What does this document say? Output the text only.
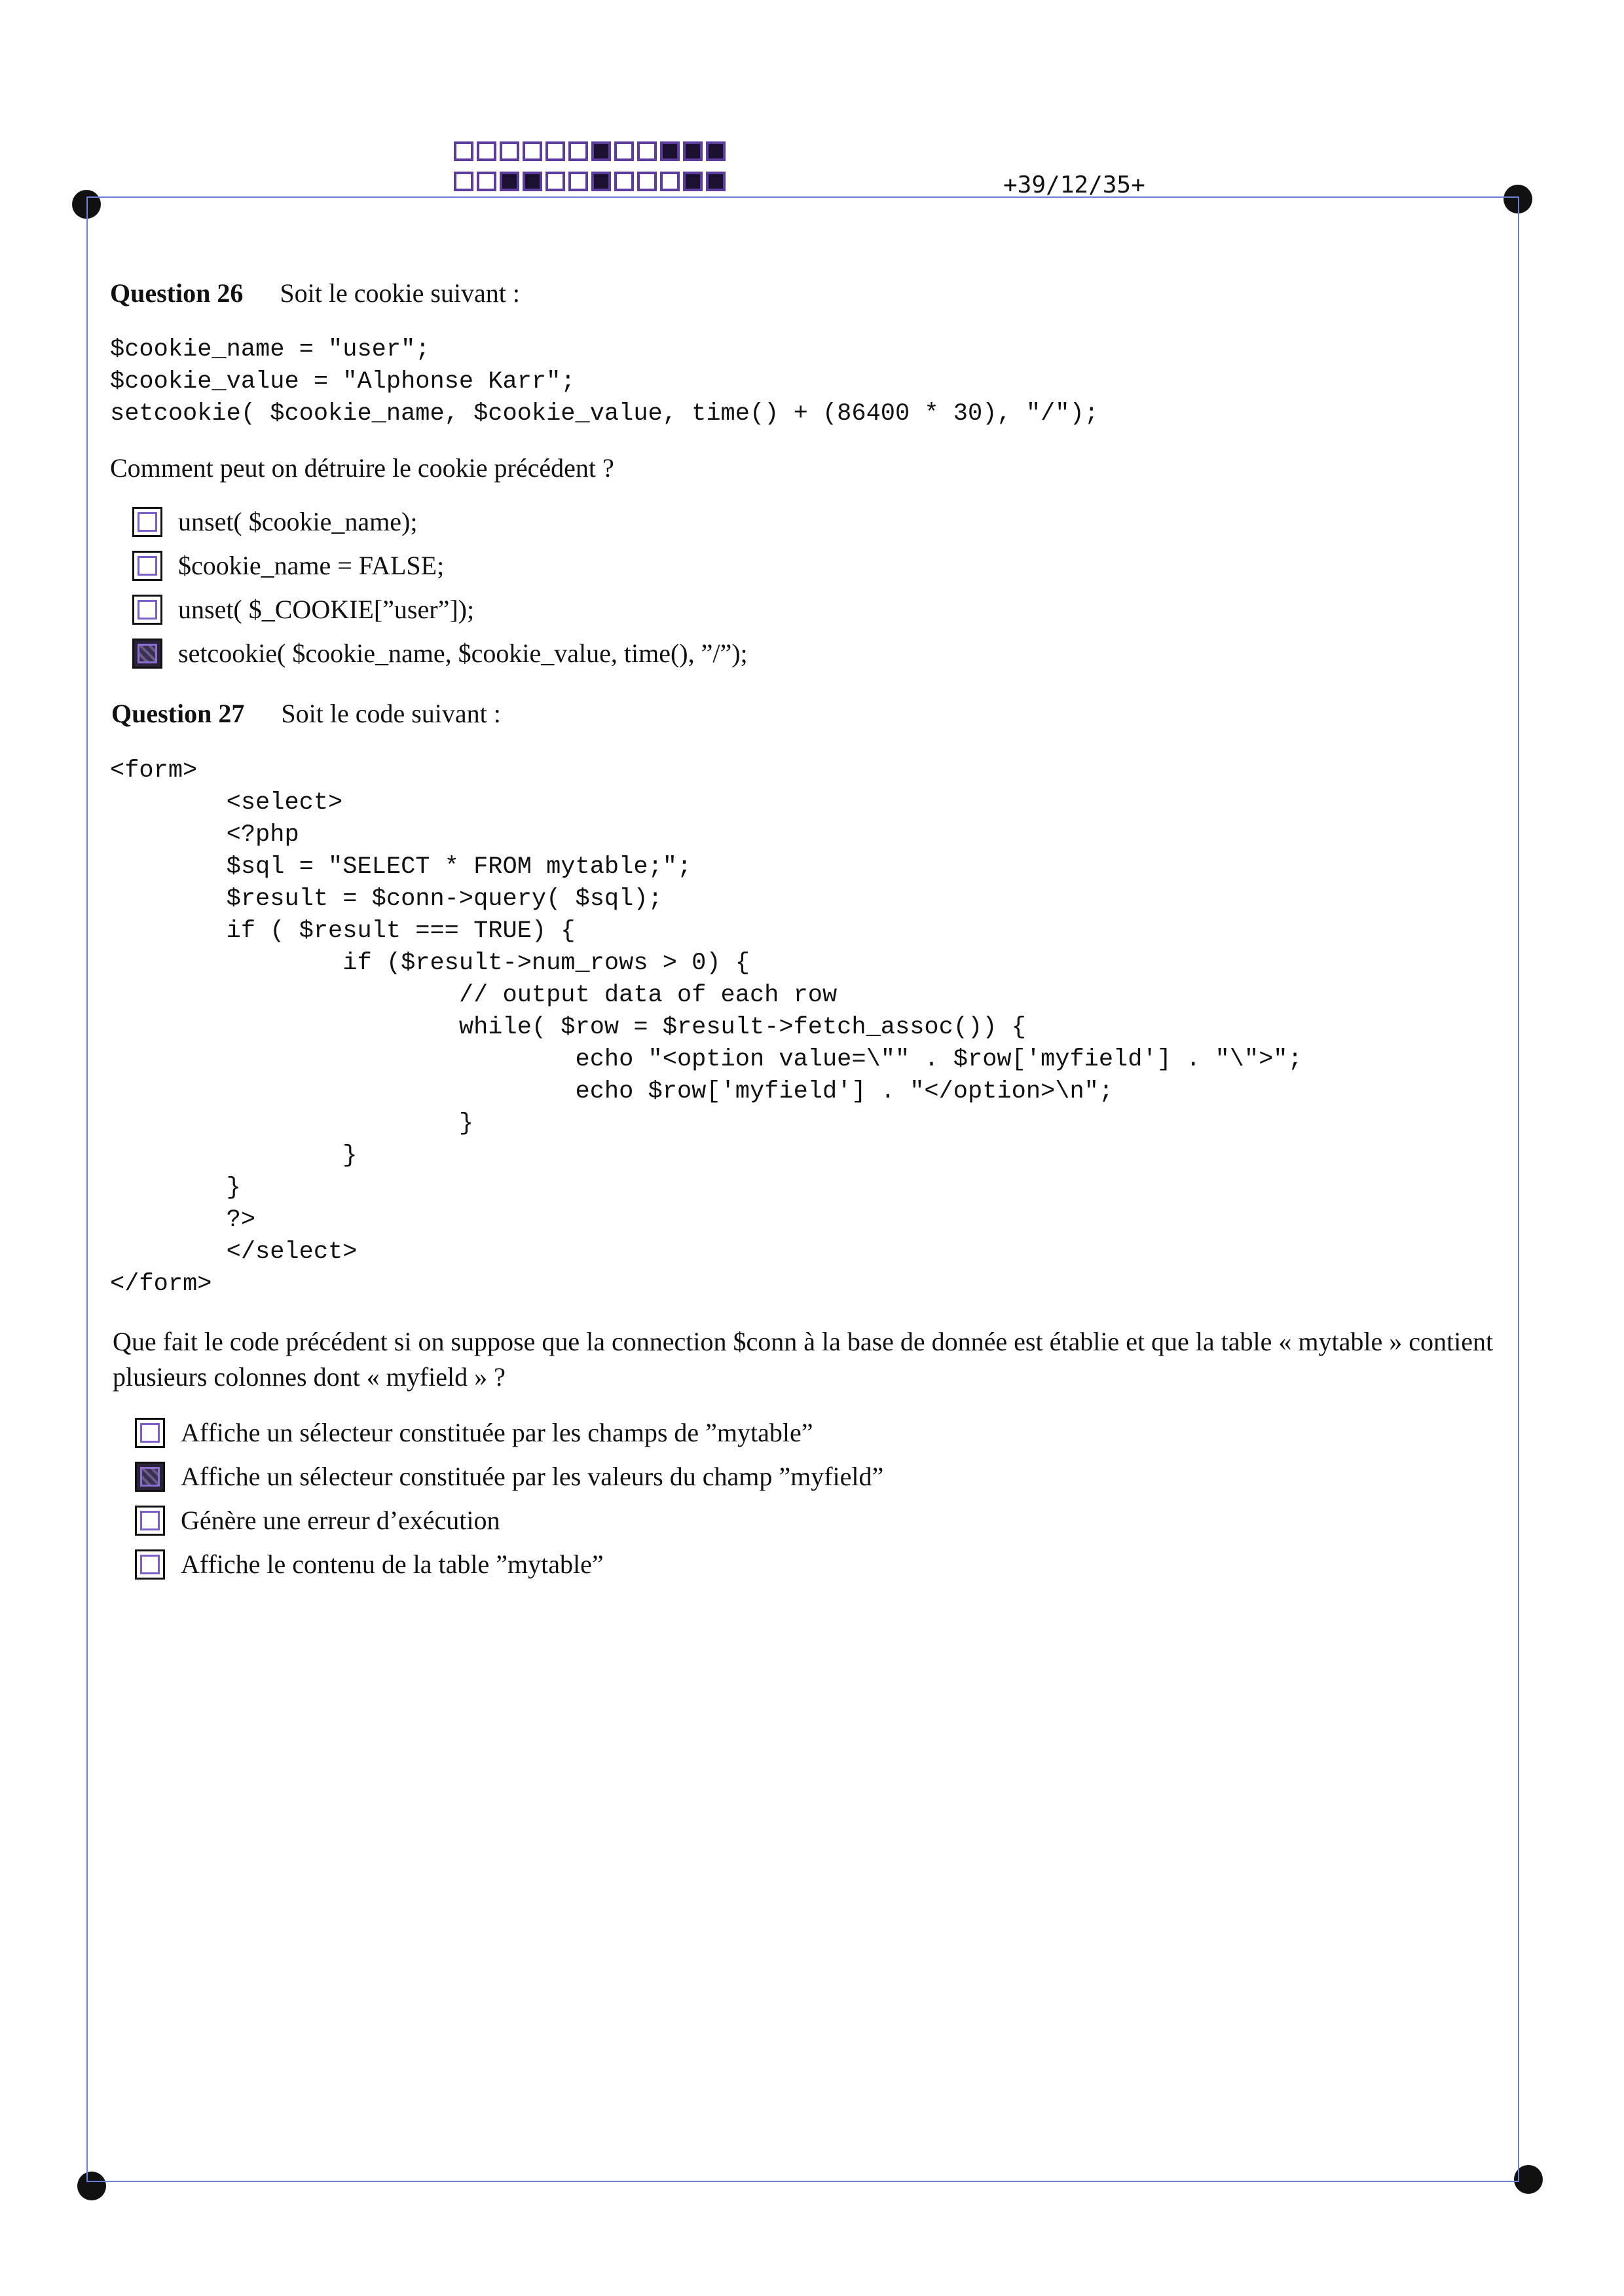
+39/12/35+
Question 26 Soit le cookie suivant :
$cookie_name = "user";
$cookie_value = "Alphonse Karr";
setcookie( $cookie_name, $cookie_value, time() + (86400 * 30), "/");
Comment peut on détruire le cookie précédent ?
unset( $cookie_name);
$cookie_name = FALSE;
unset( $_COOKIE[”user”]);
setcookie( $cookie_name, $cookie_value, time(), ”/”);
Question 27 Soit le code suivant :
<form>
<select>
<?php
$sql = "SELECT * FROM mytable;";
$result = $conn->query( $sql);
if ( $result === TRUE) {
if ($result->num_rows > 0) {
// output data of each row
while( $row = $result->fetch_assoc()) {
echo "<option value=\"" . $row['myfield'] . "\">";
echo $row['myfield'] . "</option>\n";
}
}
}
?>
</select>
</form>
Que fait le code précédent si on suppose que la connection $conn à la base de donnée est établie et que la table « mytable » contient plusieurs colonnes dont « myfield » ?
Affiche un sélecteur constituée par les champs de ”mytable”
Affiche un sélecteur constituée par les valeurs du champ ”myfield”
Génère une erreur d’exécution
Affiche le contenu de la table ”mytable”
